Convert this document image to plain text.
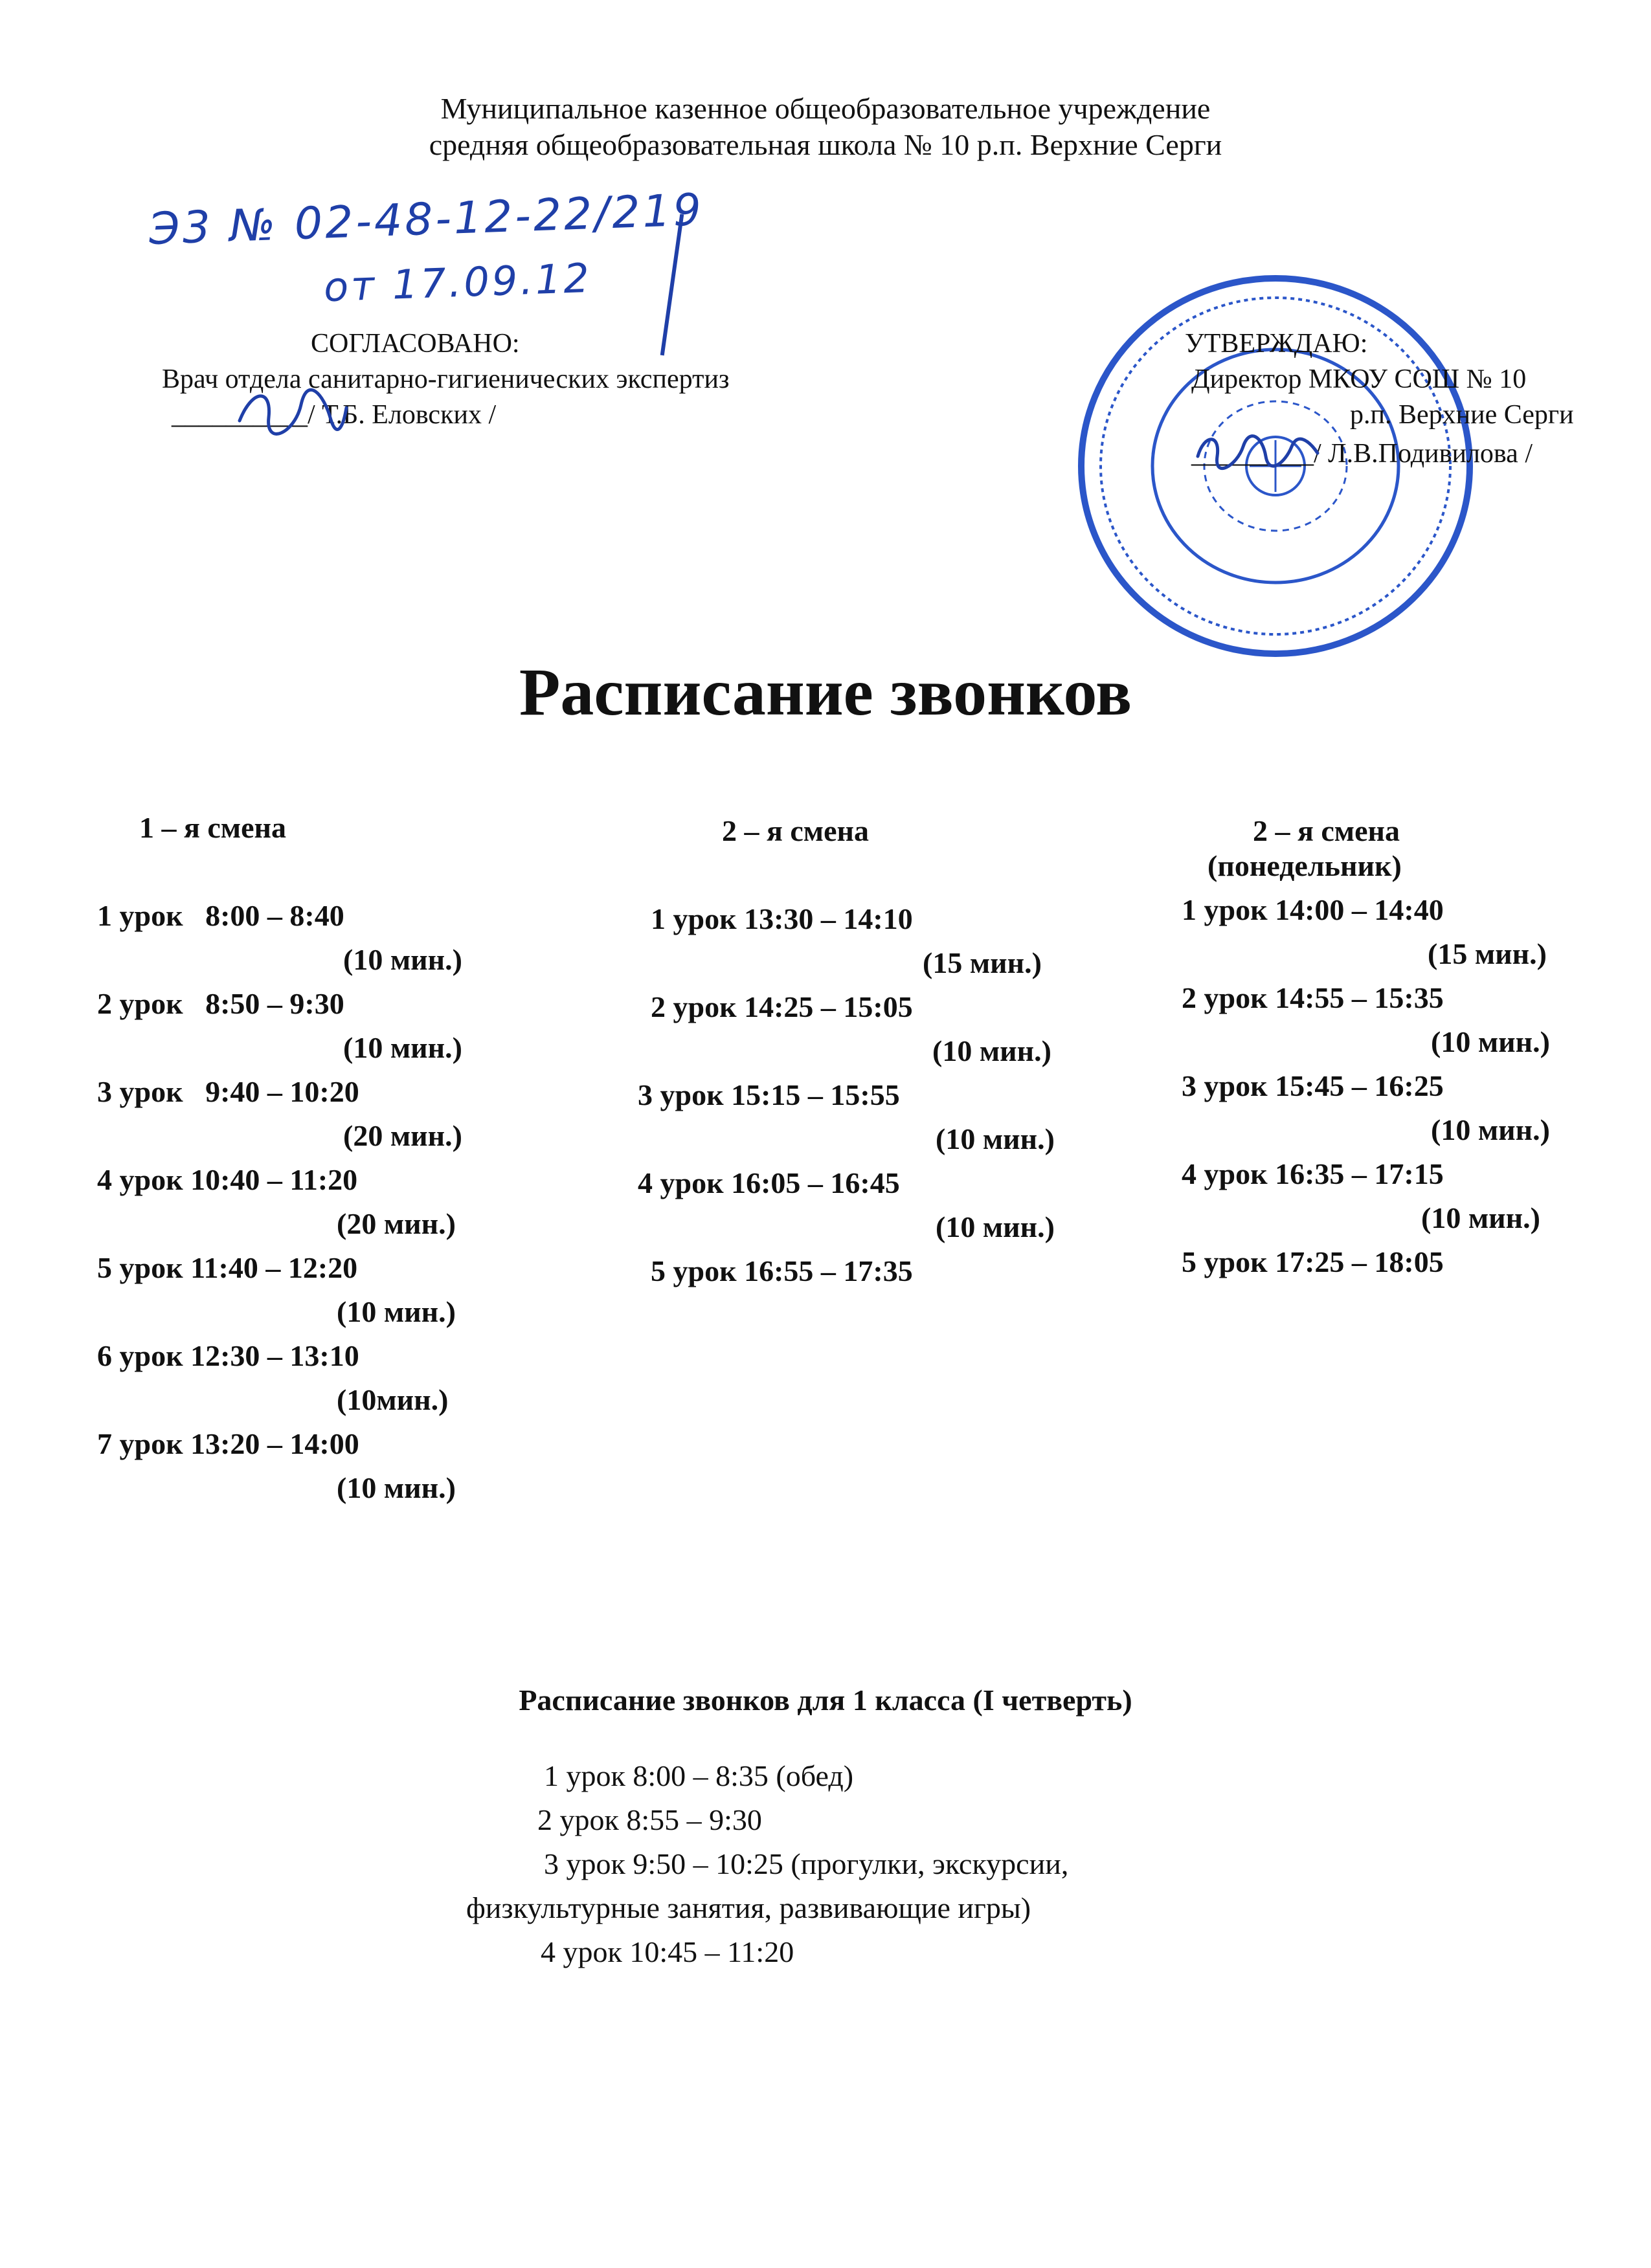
Муниципальное казенное общеобразовательное учреждение
средняя общеобразовательная школа № 10 р.п. Верхние Серги
Э3 № 02-48-12-22/219
от 17.09.12
СОГЛАСОВАНО:
Врач отдела санитарно-гигиенических экспертиз
__________/ Т.Б. Еловских /
УТВЕРЖДАЮ:
Директор МКОУ СОШ № 10
р.п. Верхние Серги
_________/ Л.В.Подивилова /
Расписание звонков
1 – я смена
1 урок   8:00 – 8:40
(10 мин.)
2 урок   8:50 – 9:30
(10 мин.)
3 урок   9:40 – 10:20
(20 мин.)
4 урок 10:40 – 11:20
(20 мин.)
5 урок 11:40 – 12:20
(10 мин.)
6 урок 12:30 – 13:10
(10мин.)
7 урок 13:20 – 14:00
(10 мин.)
2 – я смена
1 урок 13:30 – 14:10
(15 мин.)
2 урок 14:25 – 15:05
(10 мин.)
3 урок 15:15 – 15:55
(10 мин.)
4 урок 16:05 – 16:45
(10 мин.)
5 урок 16:55 – 17:35
2 – я смена
(понедельник)
1 урок 14:00 – 14:40
(15 мин.)
2 урок 14:55 – 15:35
(10 мин.)
3 урок 15:45 – 16:25
(10 мин.)
4 урок 16:35 – 17:15
(10 мин.)
5 урок 17:25 – 18:05
Расписание звонков для 1 класса (I четверть)
1 урок 8:00 – 8:35 (обед)
2 урок 8:55 – 9:30
3 урок 9:50 – 10:25 (прогулки, экскурсии,
физкультурные занятия, развивающие игры)
4 урок 10:45 – 11:20
